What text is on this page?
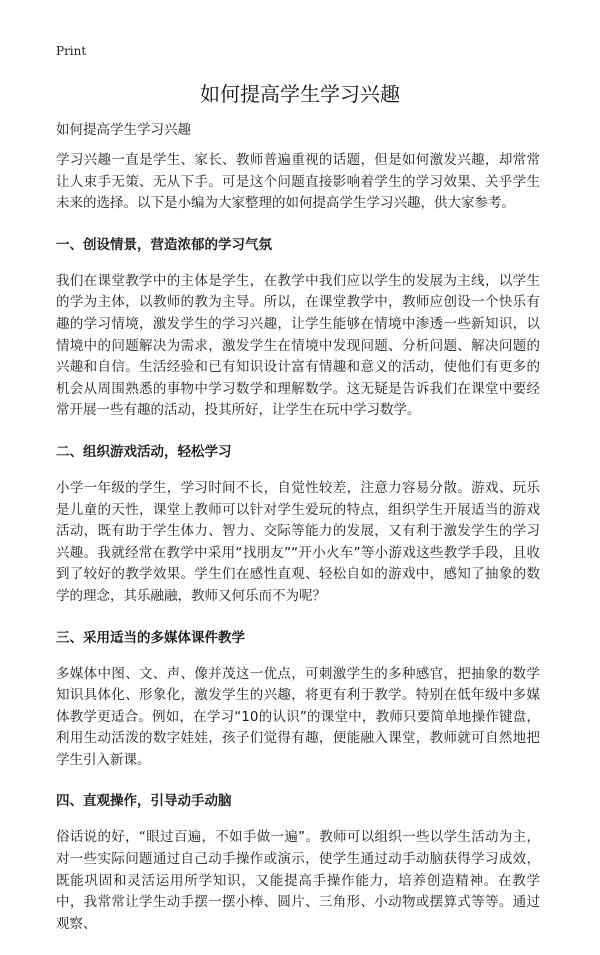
Print
如何提高学生学习兴趣
如何提高学生学习兴趣

学习兴趣一直是学生、家长、教师普遍重视的话题，但是如何激发兴趣，却常常让人束手无策、无从下手。可是这个问题直接影响着学生的学习效果、关乎学生未来的选择。以下是小编为大家整理的如何提高学生学习兴趣，供大家参考。

一、创设情景，营造浓郁的学习气氛

我们在课堂教学中的主体是学生，在教学中我们应以学生的发展为主线，以学生的学为主体，以教师的教为主导。所以，在课堂教学中，教师应创设一个快乐有趣的学习情境，激发学生的学习兴趣，让学生能够在情境中渗透一些新知识，以情境中的问题解决为需求，激发学生在情境中发现问题、分析问题、解决问题的兴趣和自信。生活经验和已有知识设计富有情趣和意义的活动，使他们有更多的机会从周围熟悉的事物中学习数学和理解数学。这无疑是告诉我们在课堂中要经常开展一些有趣的活动，投其所好，让学生在玩中学习数学。

二、组织游戏活动，轻松学习

小学一年级的学生，学习时间不长，自觉性较差，注意力容易分散。游戏、玩乐是儿童的天性，课堂上教师可以针对学生爱玩的特点，组织学生开展适当的游戏活动，既有助于学生体力、智力、交际等能力的发展，又有利于激发学生的学习兴趣。我就经常在教学中采用“找朋友”“开小火车”等小游戏这些教学手段，且收到了较好的教学效果。学生们在感性直观、轻松自如的游戏中，感知了抽象的数学的理念，其乐融融，教师又何乐而不为呢？

三、采用适当的多媒体课件教学

多媒体中图、文、声、像并茂这一优点，可刺激学生的多种感官，把抽象的数学知识具体化、形象化，激发学生的兴趣，将更有利于教学。特别在低年级中多媒体教学更适合。例如，在学习“10的认识”的课堂中，教师只要简单地操作键盘，利用生动活泼的数字娃娃，孩子们觉得有趣，便能融入课堂，教师就可自然地把学生引入新课。

四、直观操作，引导动手动脑

俗话说的好，“眼过百遍，不如手做一遍”。教师可以组织一些以学生活动为主，对一些实际问题通过自己动手操作或演示，使学生通过动手动脑获得学习成效，既能巩固和灵活运用所学知识，又能提高手操作能力，培养创造精神。在教学中，我常常让学生动手摆一摆小棒、圆片、三角形、小动物或摆算式等等。通过观察、
